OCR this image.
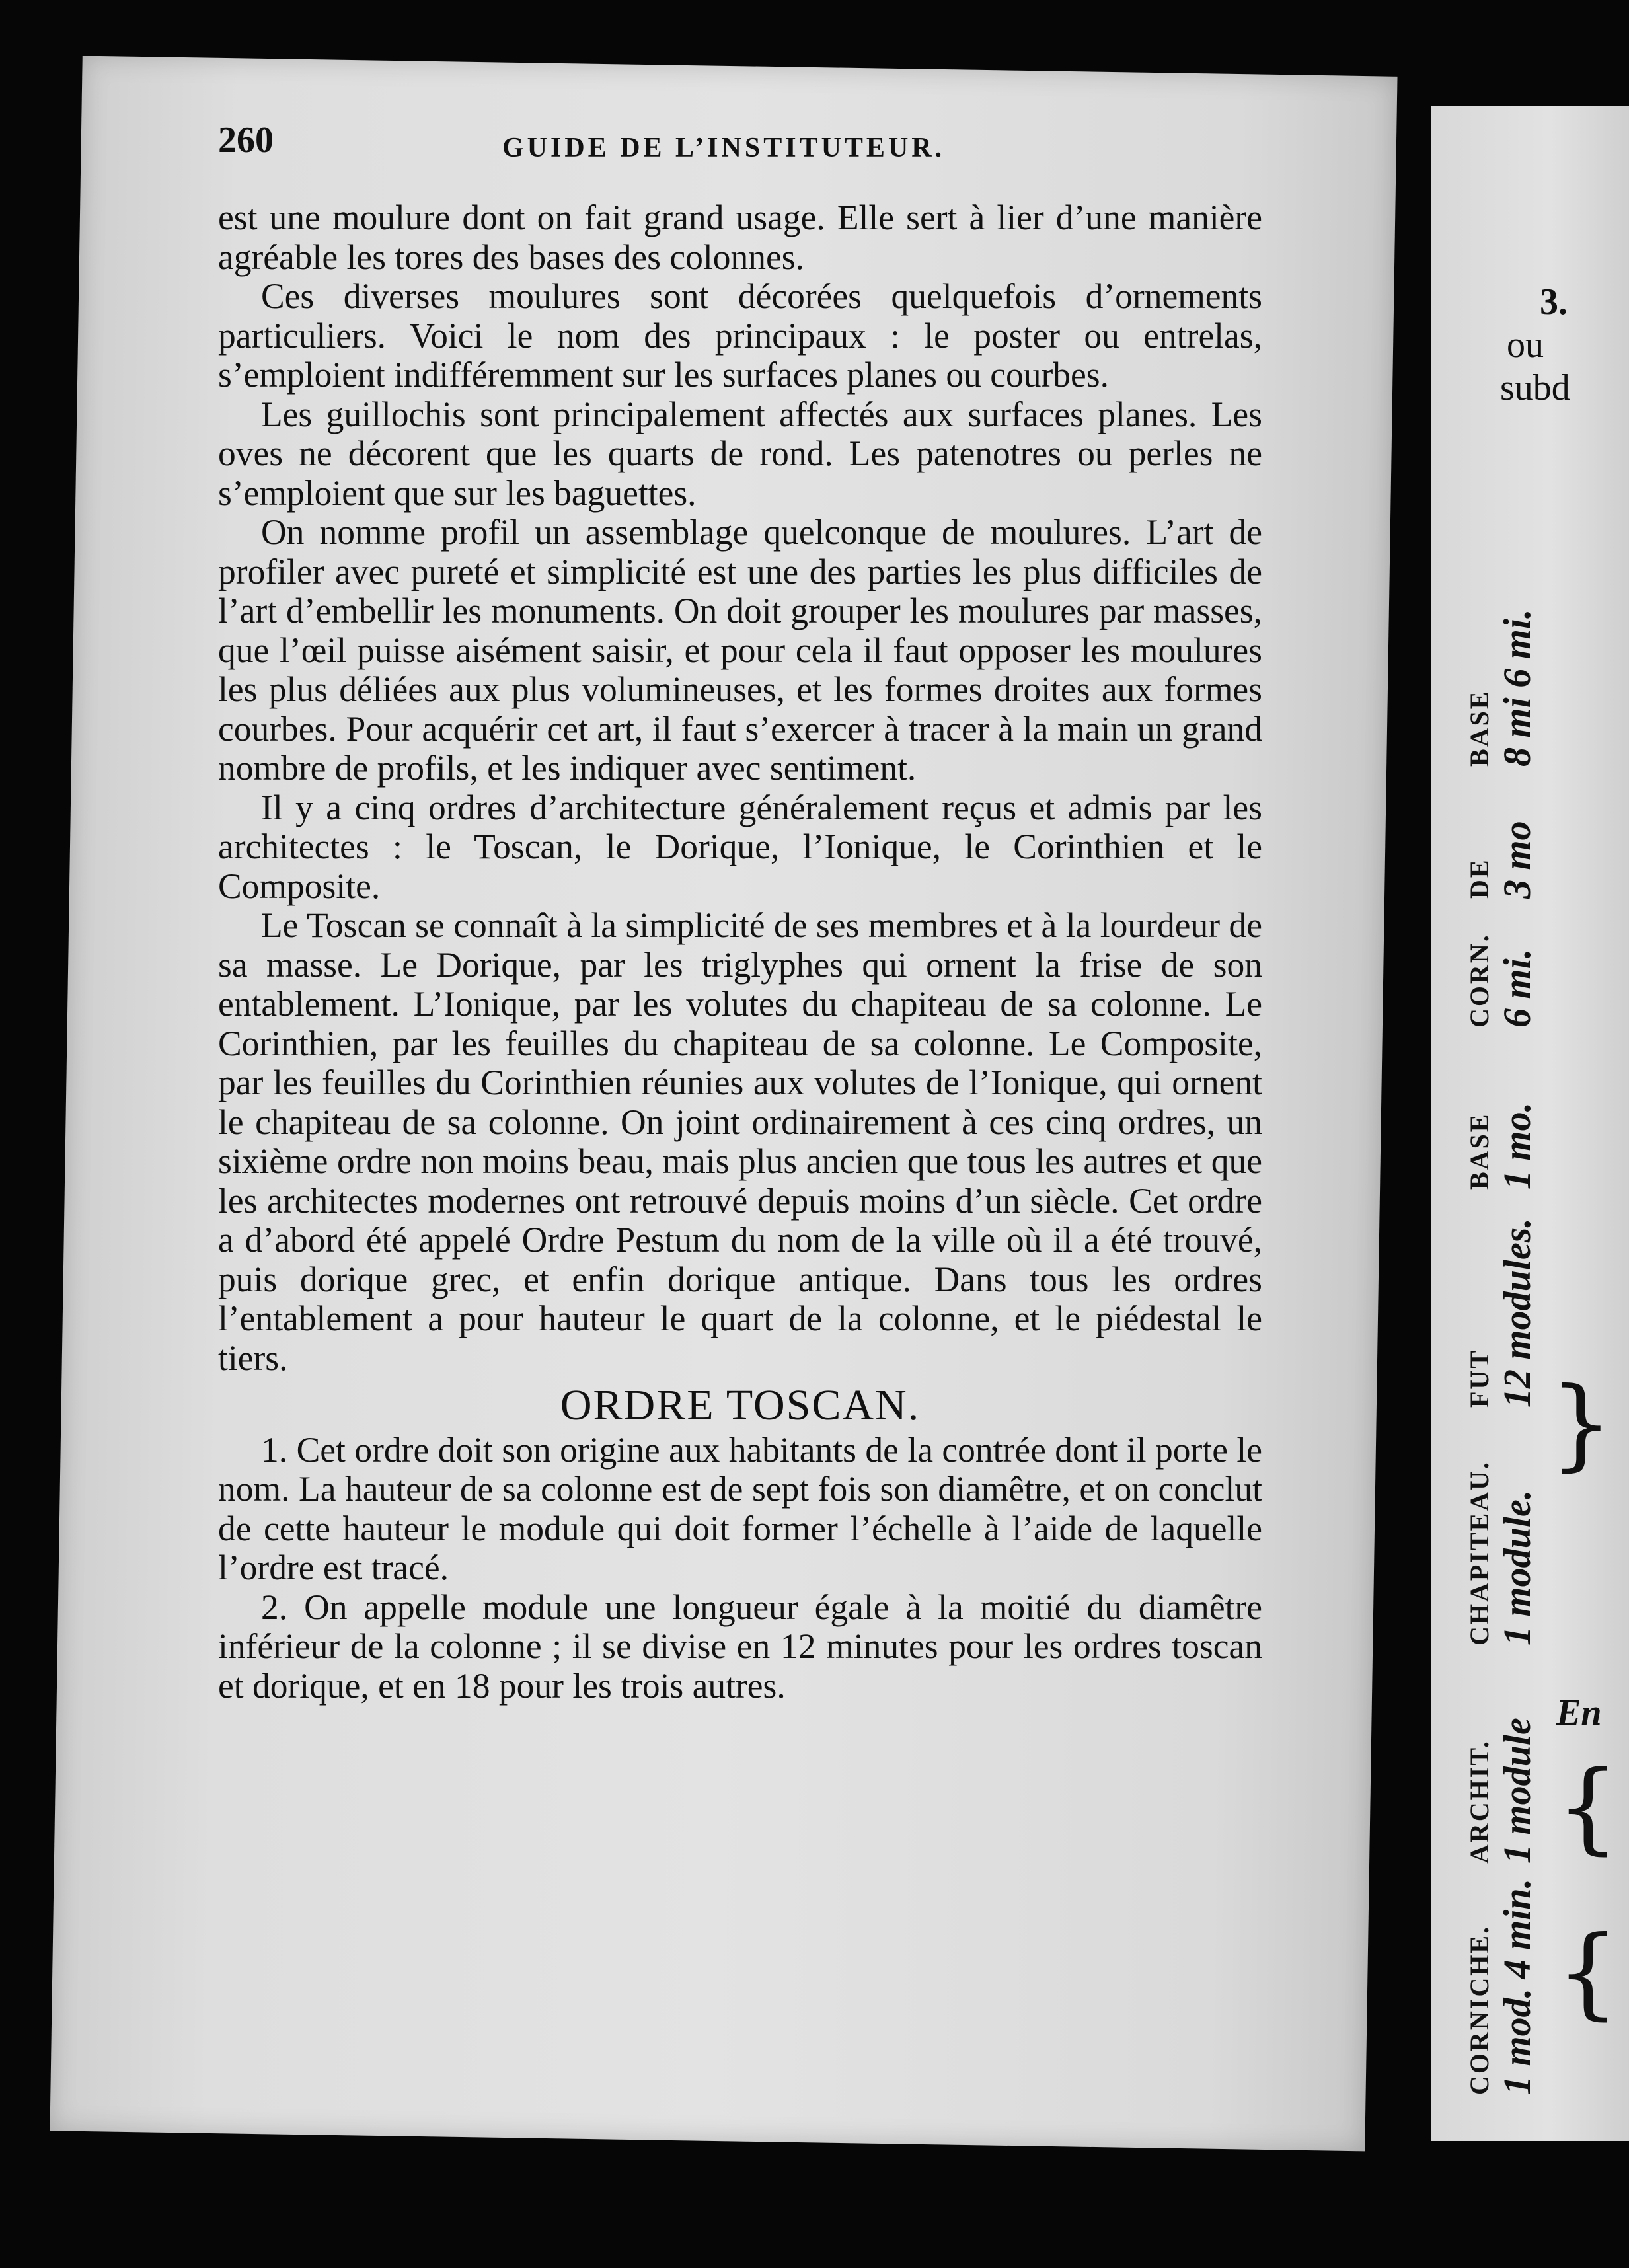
3.
ou
subd
CORNICHE. 1 mod. 4 min.
ARCHIT. 1 module
CHAPITEAU. 1 module.
FUT 12 modules.
BASE 1 mo.
CORN. 6 mi.
DE 3 mo
BASE 8 mi 6 mi.
}
En
{
{
260	GUIDE DE L’INSTITUTEUR.

est une moulure dont on fait grand usage. Elle sert à lier d’une manière agréable les tores des bases des colonnes.

Ces diverses moulures sont décorées quelquefois d’ornements particuliers. Voici le nom des principaux : le poster ou entrelas, s’emploient indifféremment sur les surfaces planes ou courbes.

Les guillochis sont principalement affectés aux surfaces planes. Les oves ne décorent que les quarts de rond. Les patenotres ou perles ne s’emploient que sur les baguettes.

On nomme profil un assemblage quelconque de moulures. L’art de profiler avec pureté et simplicité est une des parties les plus difficiles de l’art d’embellir les monuments. On doit grouper les moulures par masses, que l’œil puisse aisément saisir, et pour cela il faut opposer les moulures les plus déliées aux plus volumineuses, et les formes droites aux formes courbes. Pour acquérir cet art, il faut s’exercer à tracer à la main un grand nombre de profils, et les indiquer avec sentiment.

Il y a cinq ordres d’architecture généralement reçus et admis par les architectes : le Toscan, le Dorique, l’Ionique, le Corinthien et le Composite.

Le Toscan se connaît à la simplicité de ses membres et à la lourdeur de sa masse. Le Dorique, par les triglyphes qui ornent la frise de son entablement. L’Ionique, par les volutes du chapiteau de sa colonne. Le Corinthien, par les feuilles du chapiteau de sa colonne. Le Composite, par les feuilles du Corinthien réunies aux volutes de l’Ionique, qui ornent le chapiteau de sa colonne. On joint ordinairement à ces cinq ordres, un sixième ordre non moins beau, mais plus ancien que tous les autres et que les architectes modernes ont retrouvé depuis moins d’un siècle. Cet ordre a d’abord été appelé Ordre Pestum du nom de la ville où il a été trouvé, puis dorique grec, et enfin dorique antique. Dans tous les ordres l’entablement a pour hauteur le quart de la colonne, et le piédestal le tiers.

ORDRE TOSCAN.

1. Cet ordre doit son origine aux habitants de la contrée dont il porte le nom. La hauteur de sa colonne est de sept fois son diamêtre, et on conclut de cette hauteur le module qui doit former l’échelle à l’aide de laquelle l’ordre est tracé.

2. On appelle module une longueur égale à la moitié du diamêtre inférieur de la colonne ; il se divise en 12 minutes pour les ordres toscan et dorique, et en 18 pour les trois autres.
